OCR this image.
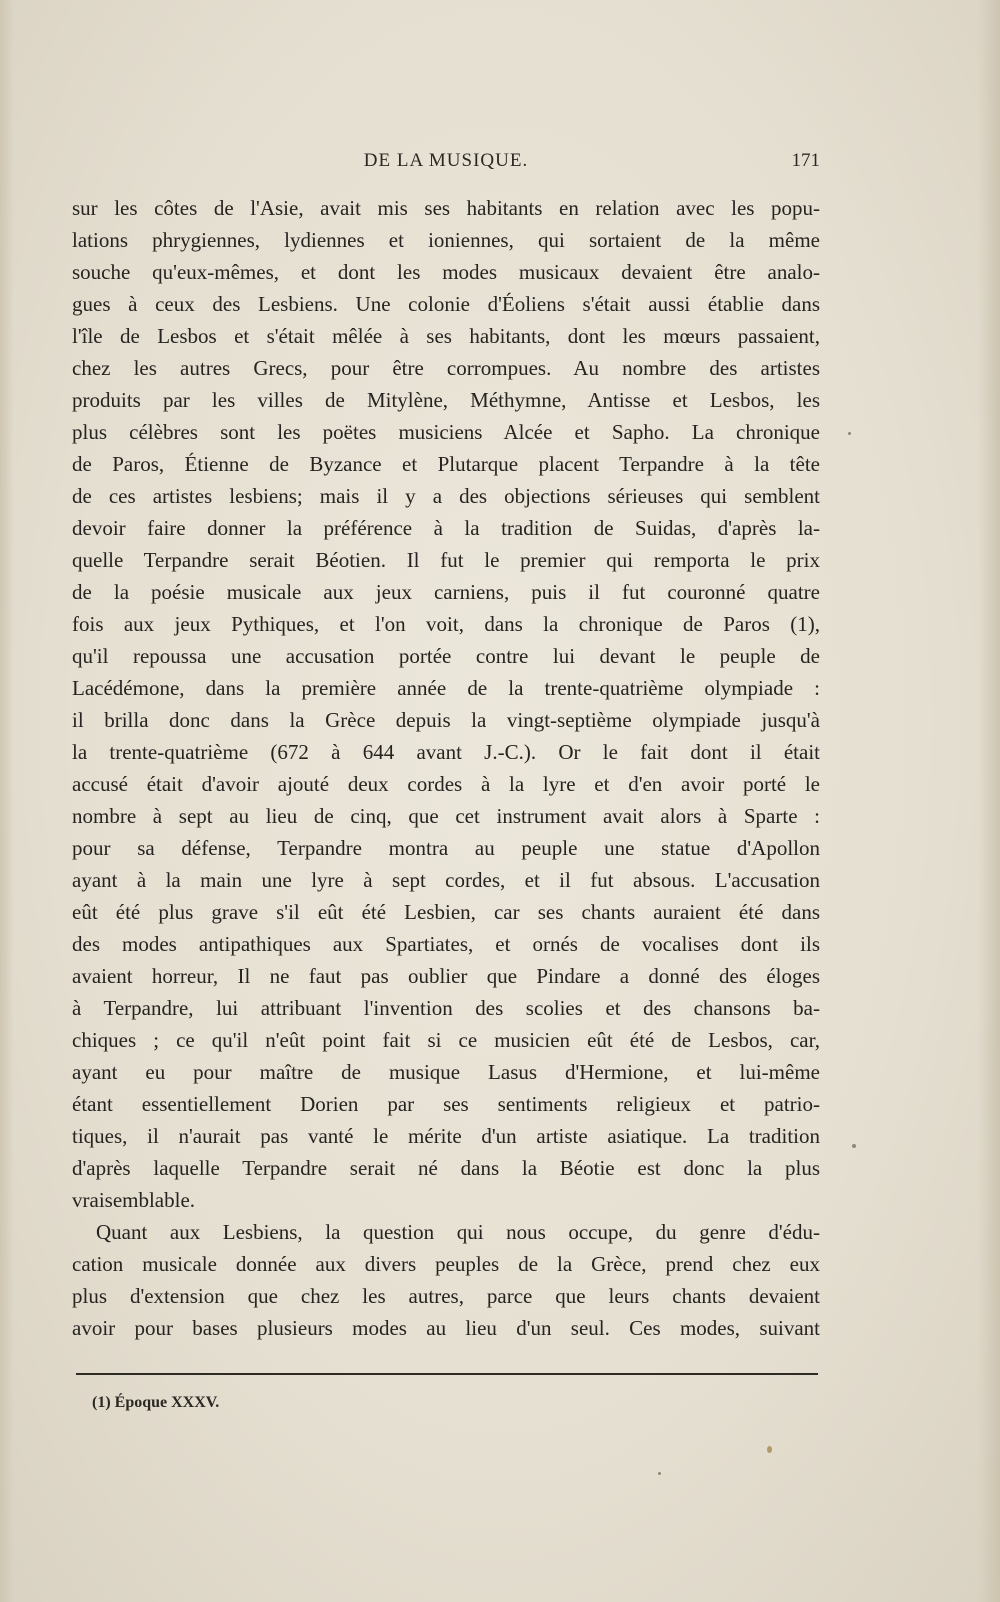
DE LA MUSIQUE.	171
sur les côtes de l'Asie, avait mis ses habitants en relation avec les popu-
lations phrygiennes, lydiennes et ioniennes, qui sortaient de la même
souche qu'eux-mêmes, et dont les modes musicaux devaient être analo-
gues à ceux des Lesbiens. Une colonie d'Éoliens s'était aussi établie dans
l'île de Lesbos et s'était mêlée à ses habitants, dont les mœurs passaient,
chez les autres Grecs, pour être corrompues. Au nombre des artistes
produits par les villes de Mitylène, Méthymne, Antisse et Lesbos, les
plus célèbres sont les poëtes musiciens Alcée et Sapho. La chronique
de Paros, Étienne de Byzance et Plutarque placent Terpandre à la tête
de ces artistes lesbiens; mais il y a des objections sérieuses qui semblent
devoir faire donner la préférence à la tradition de Suidas, d'après la-
quelle Terpandre serait Béotien. Il fut le premier qui remporta le prix
de la poésie musicale aux jeux carniens, puis il fut couronné quatre
fois aux jeux Pythiques, et l'on voit, dans la chronique de Paros (1),
qu'il repoussa une accusation portée contre lui devant le peuple de
Lacédémone, dans la première année de la trente-quatrième olympiade :
il brilla donc dans la Grèce depuis la vingt-septième olympiade jusqu'à
la trente-quatrième (672 à 644 avant J.-C.). Or le fait dont il était
accusé était d'avoir ajouté deux cordes à la lyre et d'en avoir porté le
nombre à sept au lieu de cinq, que cet instrument avait alors à Sparte :
pour sa défense, Terpandre montra au peuple une statue d'Apollon
ayant à la main une lyre à sept cordes, et il fut absous. L'accusation
eût été plus grave s'il eût été Lesbien, car ses chants auraient été dans
des modes antipathiques aux Spartiates, et ornés de vocalises dont ils
avaient horreur, Il ne faut pas oublier que Pindare a donné des éloges
à Terpandre, lui attribuant l'invention des scolies et des chansons ba-
chiques ; ce qu'il n'eût point fait si ce musicien eût été de Lesbos, car,
ayant eu pour maître de musique Lasus d'Hermione, et lui-même
étant essentiellement Dorien par ses sentiments religieux et patrio-
tiques, il n'aurait pas vanté le mérite d'un artiste asiatique. La tradition
d'après laquelle Terpandre serait né dans la Béotie est donc la plus
vraisemblable.
Quant aux Lesbiens, la question qui nous occupe, du genre d'édu-
cation musicale donnée aux divers peuples de la Grèce, prend chez eux
plus d'extension que chez les autres, parce que leurs chants devaient
avoir pour bases plusieurs modes au lieu d'un seul. Ces modes, suivant
(1) Époque XXXV.
